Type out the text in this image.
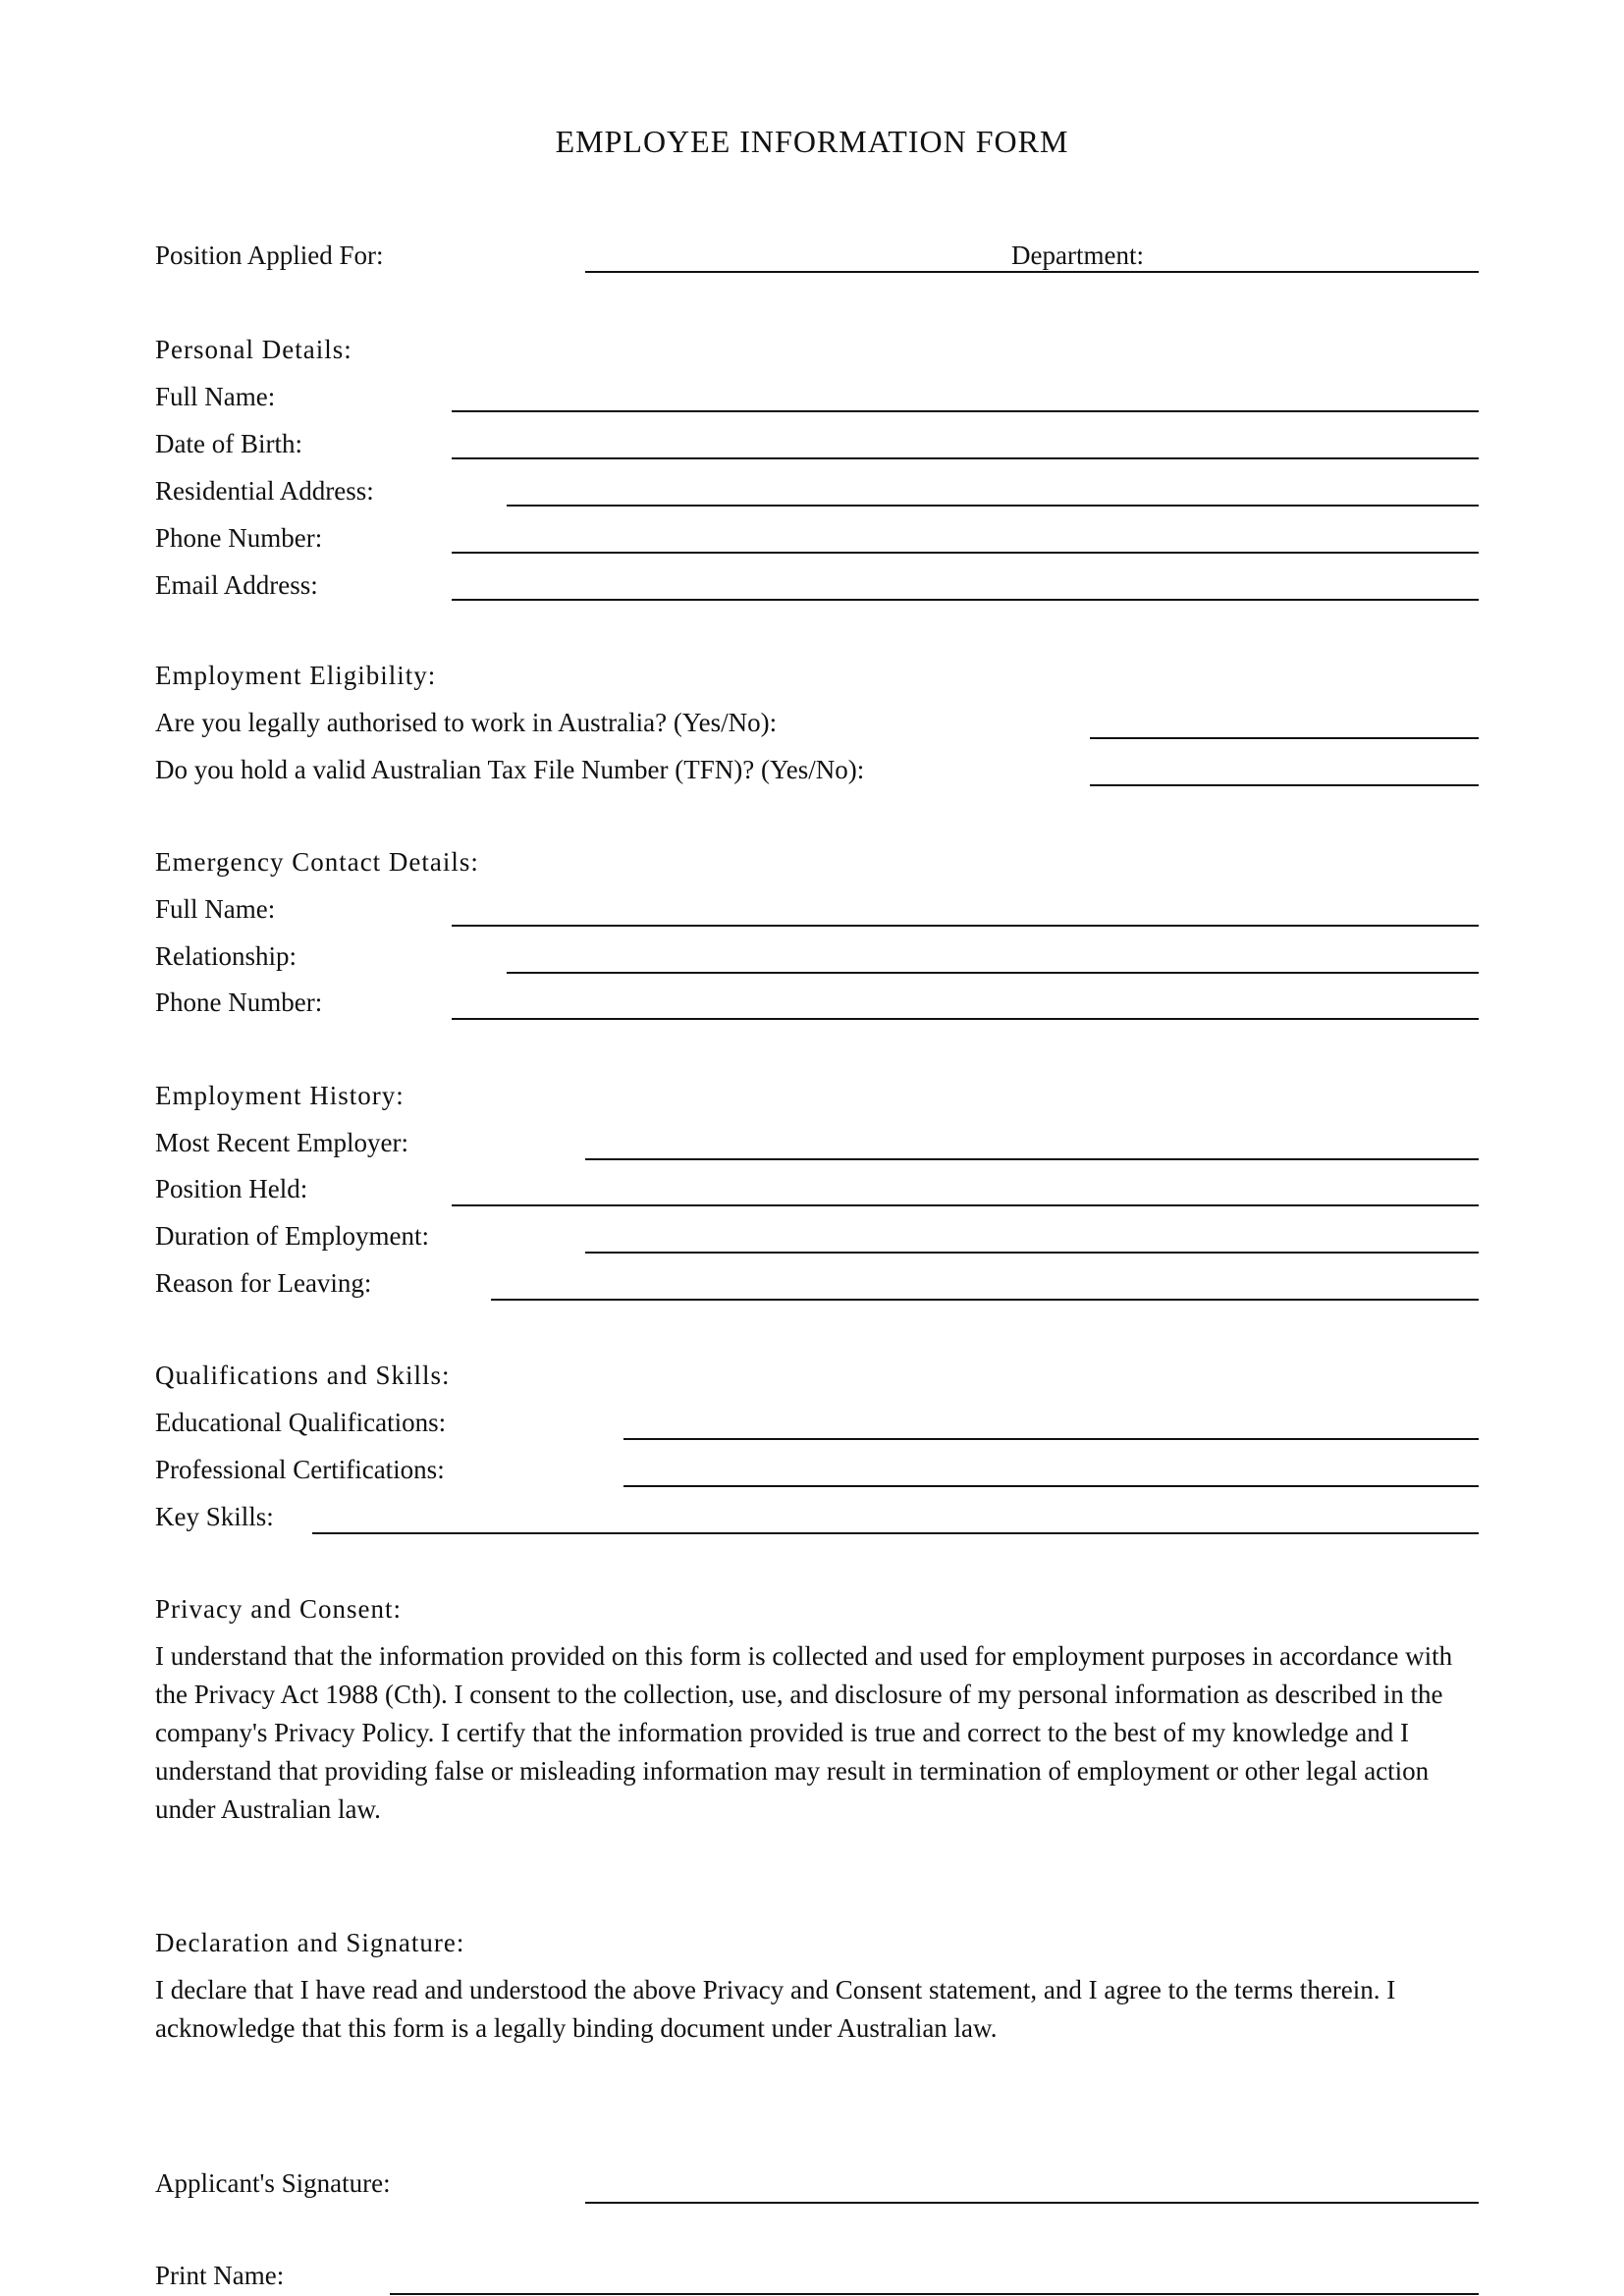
EMPLOYEE INFORMATION FORM
Position Applied For:	Department:
Personal Details:
Full Name:
Date of Birth:
Residential Address:
Phone Number:
Email Address:
Employment Eligibility:
Are you legally authorised to work in Australia? (Yes/No):
Do you hold a valid Australian Tax File Number (TFN)? (Yes/No):
Emergency Contact Details:
Full Name:
Relationship:
Phone Number:
Employment History:
Most Recent Employer:
Position Held:
Duration of Employment:
Reason for Leaving:
Qualifications and Skills:
Educational Qualifications:
Professional Certifications:
Key Skills:
Privacy and Consent:
I understand that the information provided on this form is collected and used for employment purposes in accordance with the Privacy Act 1988 (Cth). I consent to the collection, use, and disclosure of my personal information as described in the company's Privacy Policy. I certify that the information provided is true and correct to the best of my knowledge and I understand that providing false or misleading information may result in termination of employment or other legal action under Australian law.
Declaration and Signature:
I declare that I have read and understood the above Privacy and Consent statement, and I agree to the terms therein. I acknowledge that this form is a legally binding document under Australian law.
Applicant's Signature:
Print Name:
